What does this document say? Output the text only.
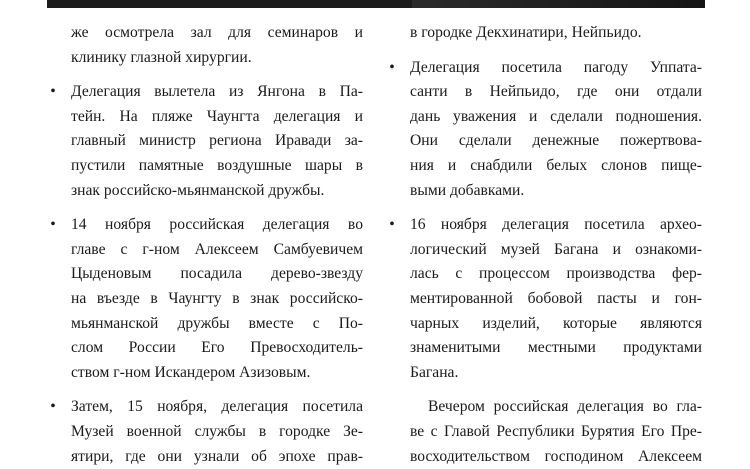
же осмотрела зал для семинаров и
клинику глазной хирургии.

• Делегация вылетела из Янгона в Па-
тейн. На пляже Чаунгта делегация и
главный министр региона Иравади за-
пустили памятные воздушные шары в
знак российско-мьянманской дружбы.

• 14 ноября российская делегация во
главе с г-ном Алексеем Самбуевичем
Цыденовым посадила дерево-звезду
на въезде в Чаунгту в знак российско-
мьянманской дружбы вместе с По-
слом России Его Превосходитель-
ством г-ном Искандером Азизовым.

• Затем, 15 ноября, делегация посетила
Музей военной службы в городке Зе-
ятири, где они узнали об эпохе прав-

в городке Декхинатири, Нейпьидо.

• Делегация посетила пагоду Уппата-
санти в Нейпьидо, где они отдали
дань уважения и сделали подношения.
Они сделали денежные пожертвова-
ния и снабдили белых слонов пище-
выми добавками.

• 16 ноября делегация посетила архео-
логический музей Багана и ознакоми-
лась с процессом производства фер-
ментированной бобовой пасты и гон-
чарных изделий, которые являются
знаменитыми местными продуктами
Багана.

Вечером российская делегация во гла-
ве с Главой Республики Бурятия Его Пре-
восходительством господином Алексеем
